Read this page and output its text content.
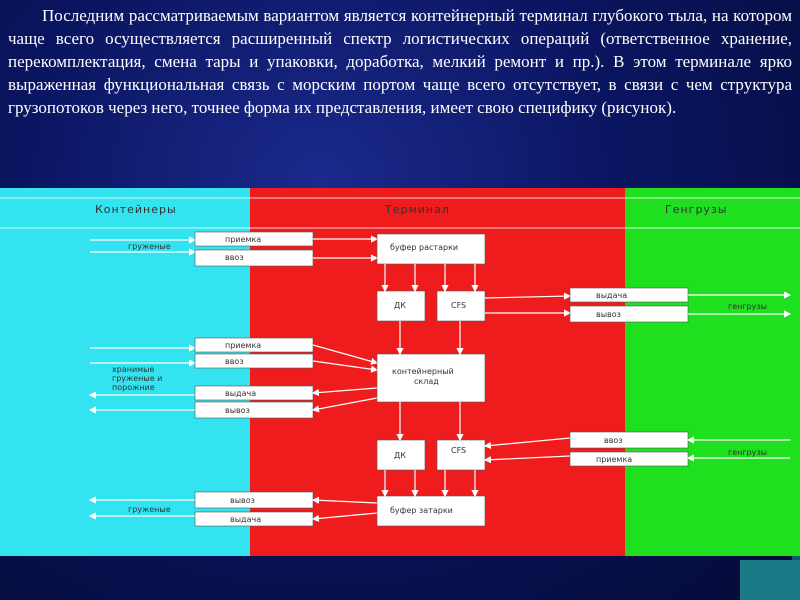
Последним рассматриваемым вариантом является контейнерный терминал глубокого тыла, на котором чаще всего осуществляется расширенный спектр логистических операций (ответственное хранение, перекомплектация, смена тары и упаковки, доработка, мелкий ремонт и пр.). В этом терминале ярко выраженная функциональная связь с морским портом чаще всего отсутствует, в связи с чем структура грузопотоков через него, точнее форма их представления, имеет свою специфику (рисунок).

Контейнеры	Терминал	Генгрузы
груженые
хранимые
груженые и
порожние
груженые
приемка
ввоз
приемка
ввоз
выдача
вывоз
вывоз
выдача
буфер растарки
ДК	CFS
контейнерный
склад
ДК
CFS
буфер затарки
выдача
вывоз
ввоз
приемка
генгрузы
генгрузы
